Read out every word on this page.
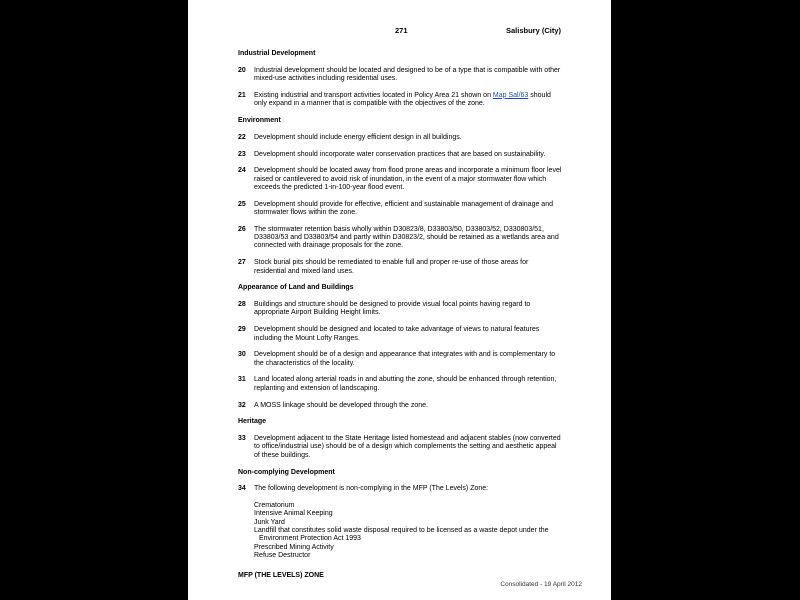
271	Salisbury (City)
Industrial Development
20	Industrial development should be located and designed to be of a type that is compatible with other mixed-use activities including residential uses.
21	Existing industrial and transport activities located in Policy Area 21 shown on Map Sal/63 should only expand in a manner that is compatible with the objectives of the zone.
Environment
22	Development should include energy efficient design in all buildings.
23	Development should incorporate water conservation practices that are based on sustainability.
24	Development should be located away from flood prone areas and incorporate a minimum floor level raised or cantilevered to avoid risk of inundation, in the event of a major stormwater flow which exceeds the predicted 1-in-100-year flood event.
25	Development should provide for effective, efficient and sustainable management of drainage and stormwater flows within the zone.
26	The stormwater retention basis wholly within D30823/8, D33803/50, D33803/52, D330803/51, D33803/53 and D33803/54 and partly within D30823/2, should be retained as a wetlands area and connected with drainage proposals for the zone.
27	Stock burial pits should be remediated to enable full and proper re-use of those areas for residential and mixed land uses.
Appearance of Land and Buildings
28	Buildings and structure should be designed to provide visual focal points having regard to appropriate Airport Building Height limits.
29	Development should be designed and located to take advantage of views to natural features including the Mount Lofty Ranges.
30	Development should be of a design and appearance that integrates with and is complementary to the characteristics of the locality.
31	Land located along arterial roads in and abutting the zone, should be enhanced through retention, replanting and extension of landscaping.
32	A MOSS linkage should be developed through the zone.
Heritage
33	Development adjacent to the State Heritage listed homestead and adjacent stables (now converted to office/industrial use) should be of a design which complements the setting and aesthetic appeal of these buildings.
Non-complying Development
34	The following development is non-complying in the MFP (The Levels) Zone:
Crematorium
Intensive Animal Keeping
Junk Yard
Landfill that constitutes solid waste disposal required to be licensed as a waste depot under the
Environment Protection Act 1993
Prescribed Mining Activity
Refuse Destructor
MFP (THE LEVELS) ZONE
Consolidated - 19 April 2012
